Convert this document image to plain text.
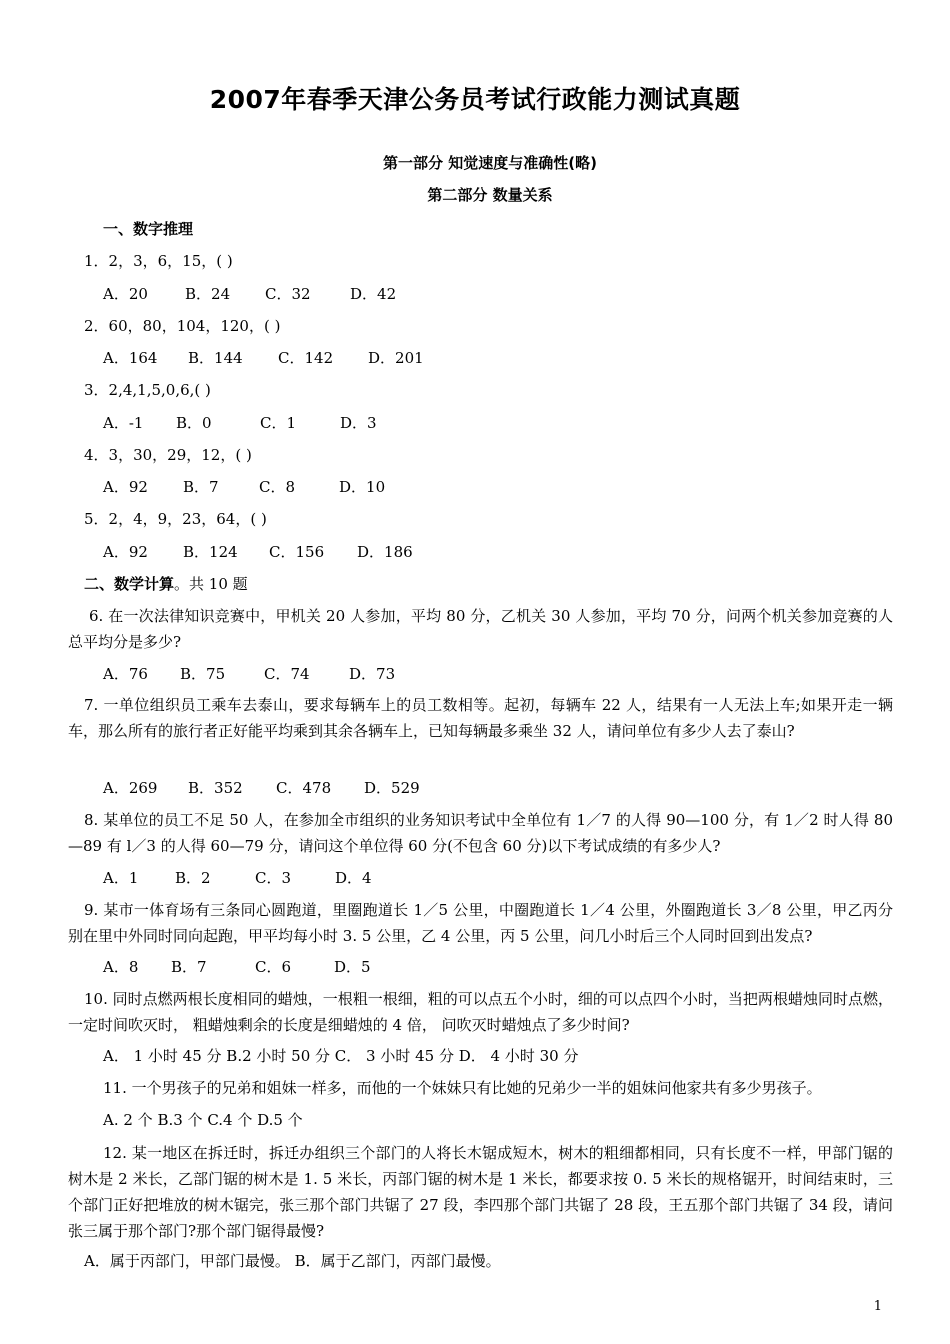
2007年春季天津公务员考试行政能力测试真题
第一部分 知觉速度与准确性(略)
第二部分 数量关系
一、数字推理
1．2，3，6，15，( )
A．20 B．24 C．32	D．42
2．60，80，104，120，( )
A．164 B．144 C．142 D．201
3．2,4,1,5,0,6,( )
A．-1 B．0	C．1	D．3
4．3，30，29，12，( )
A．92 B．7	C．8	D．10
5．2，4，9，23，64，( )
A．92 B．124 C．156 D．186
二、数学计算。共 10 题
6. 在一次法律知识竞赛中，甲机关 20 人参加，平均 80 分，乙机关 30 人参加，平均 70 分，问两个机关参加竞赛的人总平均分是多少?
A．76 B．75	C．74	D．73
7. 一单位组织员工乘车去泰山，要求每辆车上的员工数相等。起初，每辆车 22 人，结果有一人无法上车;如果开走一辆车，那么所有的旅行者正好能平均乘到其余各辆车上，已知每辆最多乘坐 32 人，请问单位有多少人去了泰山?
A．269 B．352 C．478 D．529
8. 某单位的员工不足 50 人，在参加全市组织的业务知识考试中全单位有 1／7 的人得 90—100 分，有 1／2 时人得 80—89 有 l／3 的人得 60—79 分，请问这个单位得 60 分(不包含 60 分)以下考试成绩的有多少人?
A．1 B．2	C．3	D．4
9. 某市一体育场有三条同心圆跑道，里圈跑道长 1／5 公里，中圈跑道长 1／4 公里，外圈跑道长 3／8 公里，甲乙丙分别在里中外同时同向起跑，甲平均每小时 3. 5 公里，乙 4 公里，丙 5 公里，问几小时后三个人同时回到出发点?
A．8 B．7	C．6	D．5
10. 同时点燃两根长度相同的蜡烛，一根粗一根细，粗的可以点五个小时，细的可以点四个小时，当把两根蜡烛同时点燃， 一定时间吹灭时， 粗蜡烛剩余的长度是细蜡烛的 4 倍， 问吹灭时蜡烛点了多少时间?
A． 1 小时 45 分 B.2 小时 50 分 C． 3 小时 45 分 D． 4 小时 30 分
11. 一个男孩子的兄弟和姐妹一样多，而他的一个妹妹只有比她的兄弟少一半的姐妹问他家共有多少男孩子。
A. 2 个 B.3 个 C.4 个 D.5 个
12. 某一地区在拆迁时，拆迁办组织三个部门的人将长木锯成短木，树木的粗细都相同，只有长度不一样，甲部门锯的树木是 2 米长，乙部门锯的树木是 1. 5 米长，丙部门锯的树木是 1 米长，都要求按 0. 5 米长的规格锯开，时间结束时，三个部门正好把堆放的树木锯完，张三那个部门共锯了 27 段，李四那个部门共锯了 28 段，王五那个部门共锯了 34 段，请问张三属于那个部门?那个部门锯得最慢?
A．属于丙部门，甲部门最慢。 B．属于乙部门，丙部门最慢。
1
